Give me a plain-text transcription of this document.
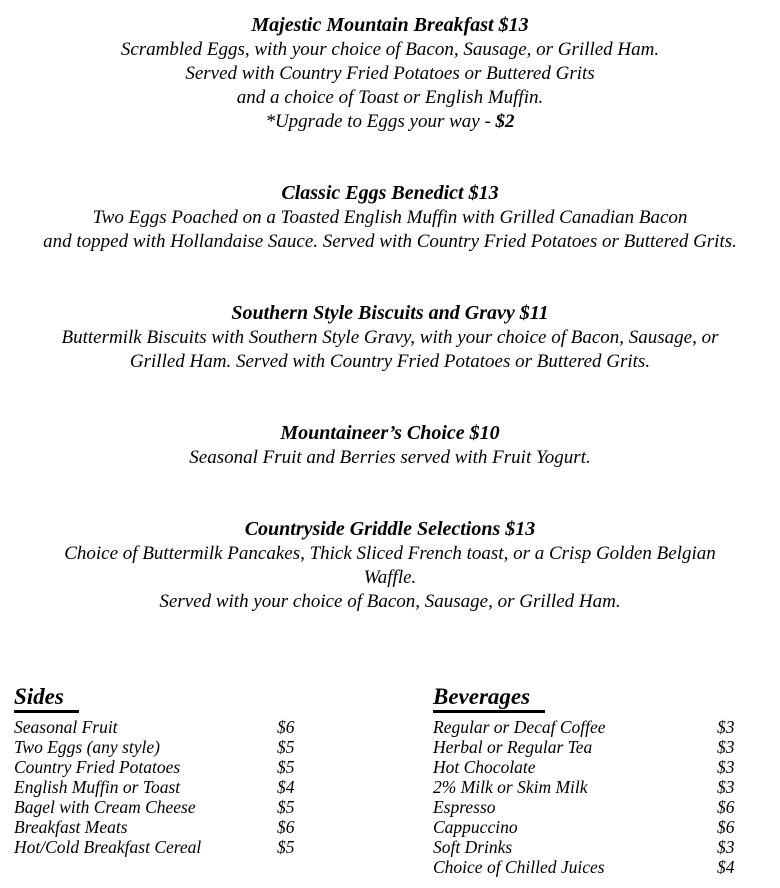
Majestic Mountain Breakfast $13
Scrambled Eggs, with your choice of Bacon, Sausage, or Grilled Ham.
Served with Country Fried Potatoes or Buttered Grits
and a choice of Toast or English Muffin.
*Upgrade to Eggs your way - $2
Classic Eggs Benedict $13
Two Eggs Poached on a Toasted English Muffin with Grilled Canadian Bacon
and topped with Hollandaise Sauce. Served with Country Fried Potatoes or Buttered Grits.
Southern Style Biscuits and Gravy $11
Buttermilk Biscuits with Southern Style Gravy, with your choice of Bacon, Sausage, or
Grilled Ham. Served with Country Fried Potatoes or Buttered Grits.
Mountaineer’s Choice $10
Seasonal Fruit and Berries served with Fruit Yogurt.
Countryside Griddle Selections $13
Choice of Buttermilk Pancakes, Thick Sliced French toast, or a Crisp Golden Belgian
Waffle.
Served with your choice of Bacon, Sausage, or Grilled Ham.
Sides
Seasonal Fruit	$6
Two Eggs (any style)	$5
Country Fried Potatoes	$5
English Muffin or Toast	$4
Bagel with Cream Cheese	$5
Breakfast Meats	$6
Hot/Cold Breakfast Cereal	$5
Beverages
Regular or Decaf Coffee	$3
Herbal or Regular Tea	$3
Hot Chocolate	$3
2% Milk or Skim Milk	$3
Espresso	$6
Cappuccino	$6
Soft Drinks	$3
Choice of Chilled Juices	$4
